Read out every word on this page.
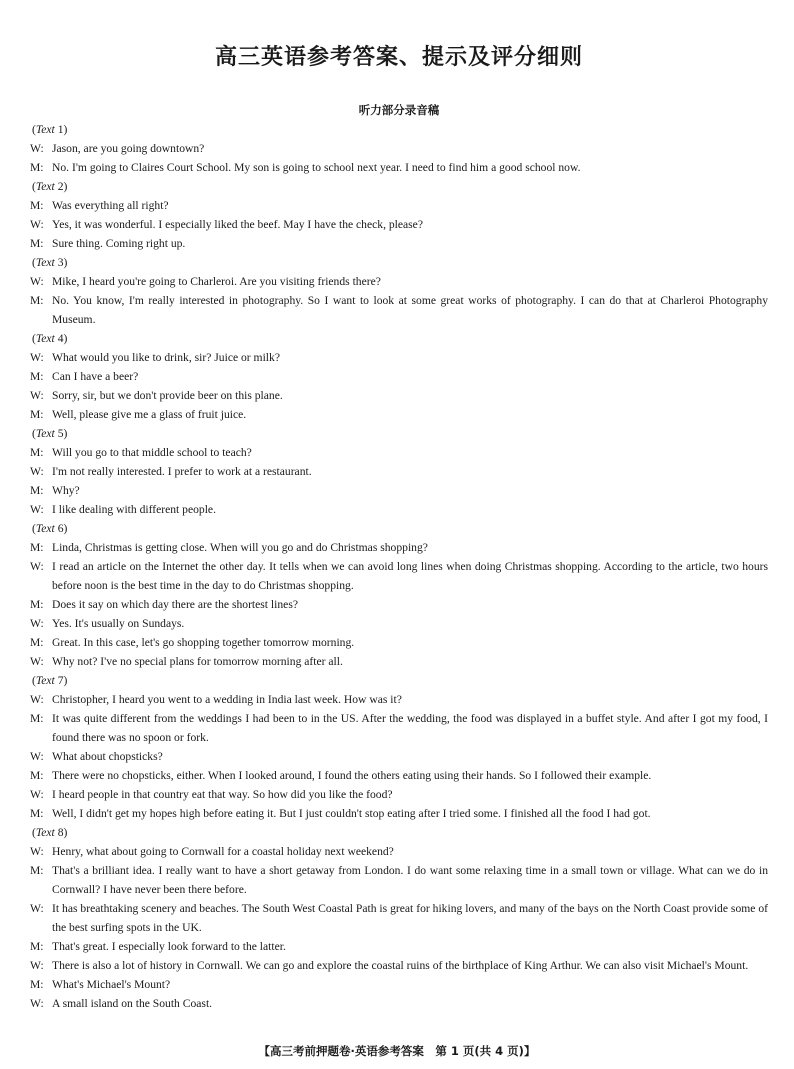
高三英语参考答案、提示及评分细则
听力部分录音稿
(Text 1)
W: Jason, are you going downtown?
M: No. I'm going to Claires Court School. My son is going to school next year. I need to find him a good school now.
(Text 2)
M: Was everything all right?
W: Yes, it was wonderful. I especially liked the beef. May I have the check, please?
M: Sure thing. Coming right up.
(Text 3)
W: Mike, I heard you're going to Charleroi. Are you visiting friends there?
M: No. You know, I'm really interested in photography. So I want to look at some great works of photography. I can do that at Charleroi Photography Museum.
(Text 4)
W: What would you like to drink, sir? Juice or milk?
M: Can I have a beer?
W: Sorry, sir, but we don't provide beer on this plane.
M: Well, please give me a glass of fruit juice.
(Text 5)
M: Will you go to that middle school to teach?
W: I'm not really interested. I prefer to work at a restaurant.
M: Why?
W: I like dealing with different people.
(Text 6)
M: Linda, Christmas is getting close. When will you go and do Christmas shopping?
W: I read an article on the Internet the other day. It tells when we can avoid long lines when doing Christmas shopping. According to the article, two hours before noon is the best time in the day to do Christmas shopping.
M: Does it say on which day there are the shortest lines?
W: Yes. It's usually on Sundays.
M: Great. In this case, let's go shopping together tomorrow morning.
W: Why not? I've no special plans for tomorrow morning after all.
(Text 7)
W: Christopher, I heard you went to a wedding in India last week. How was it?
M: It was quite different from the weddings I had been to in the US. After the wedding, the food was displayed in a buffet style. And after I got my food, I found there was no spoon or fork.
W: What about chopsticks?
M: There were no chopsticks, either. When I looked around, I found the others eating using their hands. So I followed their example.
W: I heard people in that country eat that way. So how did you like the food?
M: Well, I didn't get my hopes high before eating it. But I just couldn't stop eating after I tried some. I finished all the food I had got.
(Text 8)
W: Henry, what about going to Cornwall for a coastal holiday next weekend?
M: That's a brilliant idea. I really want to have a short getaway from London. I do want some relaxing time in a small town or village. What can we do in Cornwall? I have never been there before.
W: It has breathtaking scenery and beaches. The South West Coastal Path is great for hiking lovers, and many of the bays on the North Coast provide some of the best surfing spots in the UK.
M: That's great. I especially look forward to the latter.
W: There is also a lot of history in Cornwall. We can go and explore the coastal ruins of the birthplace of King Arthur. We can also visit Michael's Mount.
M: What's Michael's Mount?
W: A small island on the South Coast.
【高三考前押题卷·英语参考答案　第 1 页(共 4 页)】
